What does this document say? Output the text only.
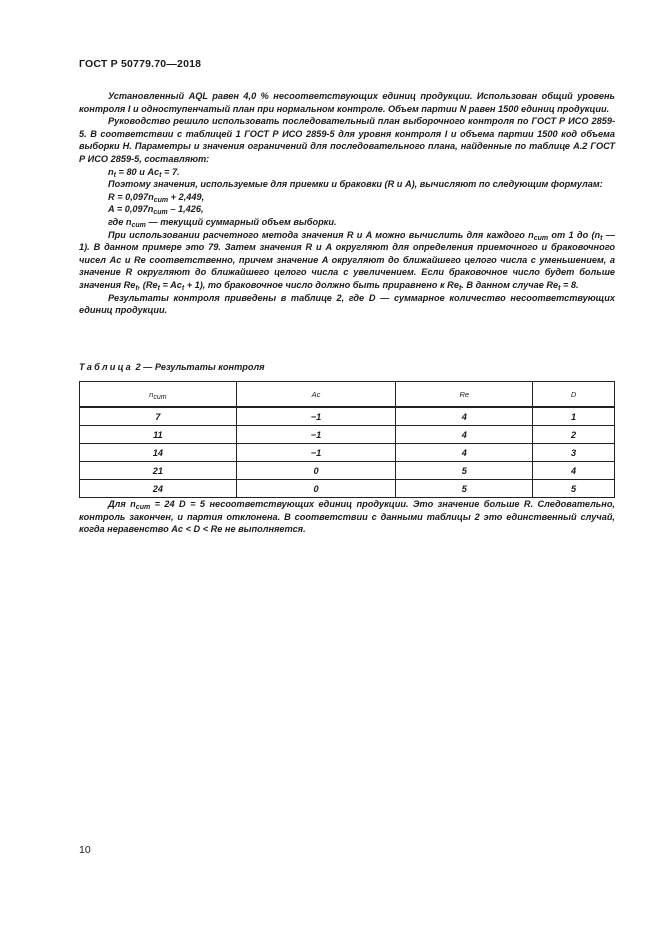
ГОСТ Р 50779.70—2018

Установленный AQL равен 4,0 % несоответствующих единиц продукции. Использован общий уровень контроля I и одноступенчатый план при нормальном контроле. Объем партии N равен 1500 единиц продукции.

Руководство решило использовать последовательный план выборочного контроля по ГОСТ Р ИСО 2859-5. В соответствии с таблицей 1 ГОСТ Р ИСО 2859-5 для уровня контроля I и объема партии 1500 код объема выборки H. Параметры и значения ограничений для последовательного плана, найденные по таблице А.2 ГОСТ Р ИСО 2859-5, составляют:

$n_t = 80$ и $Ac_t = 7$.

Поэтому значения, используемые для приемки и браковки (R и A), вычисляют по следующим формулам:

$R = 0,097n_{cum} + 2,449$,

$A = 0,097n_{cum} - 1,426$,

где $n_{cum}$ — текущий суммарный объем выборки.

При использовании расчетного метода значения R и A можно вычислить для каждого $n_{cum}$ от 1 до ($n_t$ — 1). В данном примере это 79. Затем значения R и A округляют для определения приемочного и браковочного чисел Ac и Re соответственно, причем значение A округляют до ближайшего целого числа с уменьшением, а значение R округляют до ближайшего целого числа с увеличением. Если браковочное число будет больше значения $Re_t$, $(Re_t = Ac_t + 1)$, то браковочное число должно быть приравнено к $Re_t$. В данном случае $Re_t = 8$.

Результаты контроля приведены в таблице 2, где D — суммарное количество несоответствующих единиц продукции.

Таблица 2 — Результаты контроля
$n_{cum}$	Ac	Re	D
7	−1	4	1
11	−1	4	2
14	−1	4	3
21	0	5	4
24	0	5	5

Для $n_{cum} = 24$ D = 5 несоответствующих единиц продукции. Это значение больше R. Следовательно, контроль закончен, и партия отклонена. В соответствии с данными таблицы 2 это единственный случай, когда неравенство Ac < D < Re не выполняется.

10
